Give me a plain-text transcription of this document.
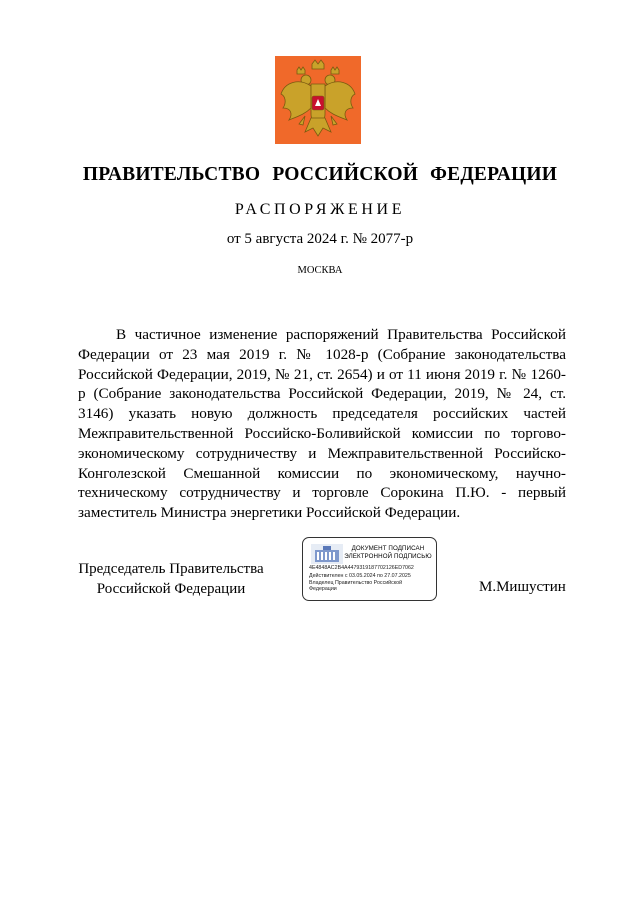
ПРАВИТЕЛЬСТВО РОССИЙСКОЙ ФЕДЕРАЦИИ
РАСПОРЯЖЕНИЕ
от 5 августа 2024 г. № 2077-р
МОСКВА
В частичное изменение распоряжений Правительства Российской Федерации от 23 мая 2019 г. № 1028-р (Собрание законодательства Российской Федерации, 2019, № 21, ст. 2654) и от 11 июня 2019 г. № 1260-р (Собрание законодательства Российской Федерации, 2019, № 24, ст. 3146) указать новую должность председателя российских частей Межправительственной Российско-Боливийской комиссии по торгово-экономическому сотрудничеству и Межправительственной Российско-Конголезской Смешанной комиссии по экономическому, научно-техническому сотрудничеству и торговле Сорокина П.Ю. - первый заместитель Министра энергетики Российской Федерации.
Председатель Правительства
Российской Федерации
ДОКУМЕНТ ПОДПИСАН
ЭЛЕКТРОННОЙ ПОДПИСЬЮ
4E4848AC2B4A4479319187702126ED7062
Действителен с 03.05.2024 по 27.07.2025
Владелец Правительство Российской
Федерации	М.Мишустин
